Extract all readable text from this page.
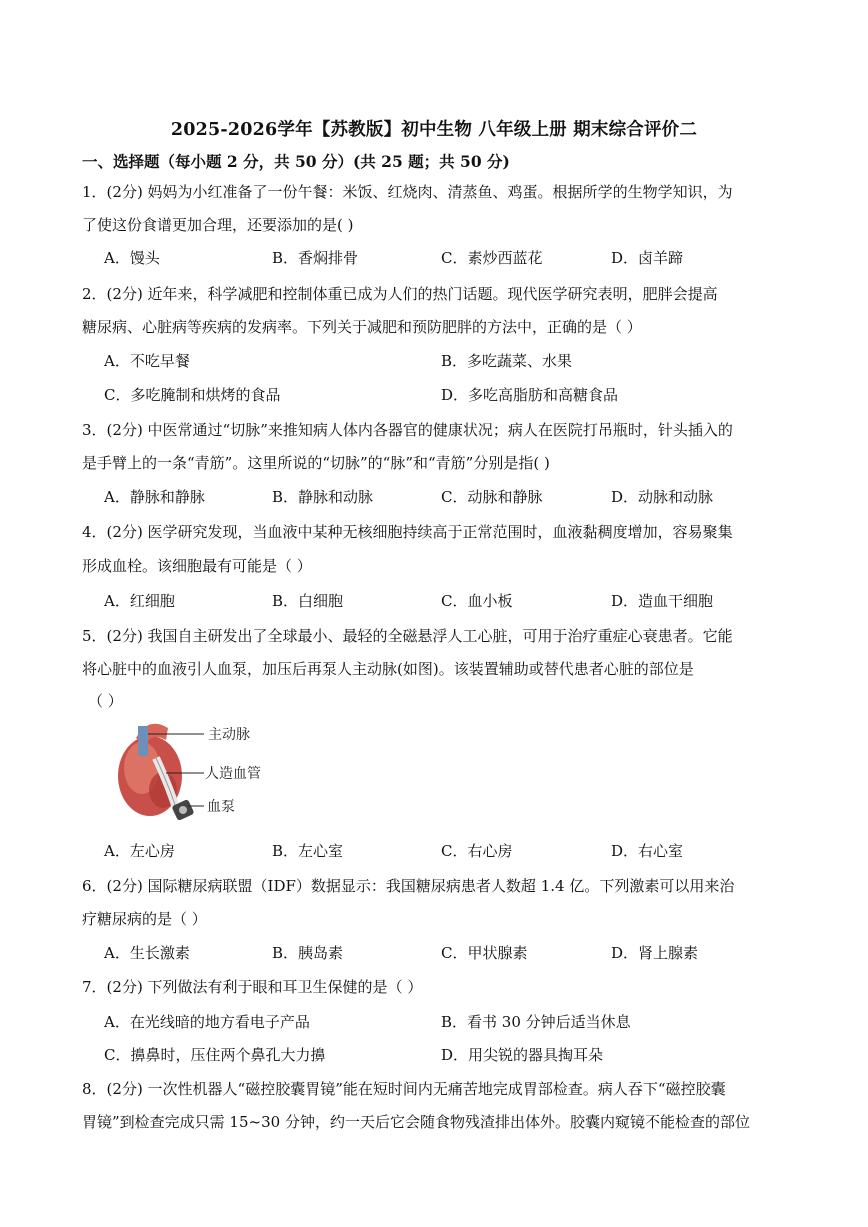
2025-2026学年【苏教版】初中生物 八年级上册 期末综合评价二
一、选择题（每小题 2 分，共 50 分）(共 25 题；共 50 分)
1．(2分) 妈妈为小红准备了一份午餐：米饭、红烧肉、清蒸鱼、鸡蛋。根据所学的生物学知识，为
了使这份食谱更加合理，还要添加的是( )
A．馒头	B．香焖排骨	C．素炒西蓝花	D．卤羊蹄
2．(2分) 近年来，科学减肥和控制体重已成为人们的热门话题。现代医学研究表明，肥胖会提高
糖尿病、心脏病等疾病的发病率。下列关于减肥和预防肥胖的方法中，正确的是（ ）
A．不吃早餐	B．多吃蔬菜、水果
C．多吃腌制和烘烤的食品	D．多吃高脂肪和高糖食品
3．(2分) 中医常通过“切脉”来推知病人体内各器官的健康状况；病人在医院打吊瓶时，针头插入的
是手臂上的一条“青筋”。这里所说的“切脉”的“脉”和“青筋”分别是指( )
A．静脉和静脉	B．静脉和动脉	C．动脉和静脉	D．动脉和动脉
4．(2分) 医学研究发现，当血液中某种无核细胞持续高于正常范围时，血液黏稠度增加，容易聚集
形成血栓。该细胞最有可能是（ ）
A．红细胞	B．白细胞	C．血小板	D．造血干细胞
5．(2分) 我国自主研发出了全球最小、最轻的全磁悬浮人工心脏，可用于治疗重症心衰患者。它能
将心脏中的血液引人血泵，加压后再泵人主动脉(如图)。该装置辅助或替代患者心脏的部位是
（ ）
主动脉
人造血管
血泵
A．左心房	B．左心室	C．右心房	D．右心室
6．(2分) 国际糖尿病联盟（IDF）数据显示：我国糖尿病患者人数超 1.4 亿。下列激素可以用来治
疗糖尿病的是（ ）
A．生长激素	B．胰岛素	C．甲状腺素	D．肾上腺素
7．(2分) 下列做法有利于眼和耳卫生保健的是（ ）
A．在光线暗的地方看电子产品	B．看书 30 分钟后适当休息
C．擤鼻时，压住两个鼻孔大力擤	D．用尖锐的器具掏耳朵
8．(2分) 一次性机器人“磁控胶囊胃镜”能在短时间内无痛苦地完成胃部检查。病人吞下“磁控胶囊
胃镜”到检查完成只需 15~30 分钟，约一天后它会随食物残渣排出体外。胶囊内窥镜不能检查的部位
